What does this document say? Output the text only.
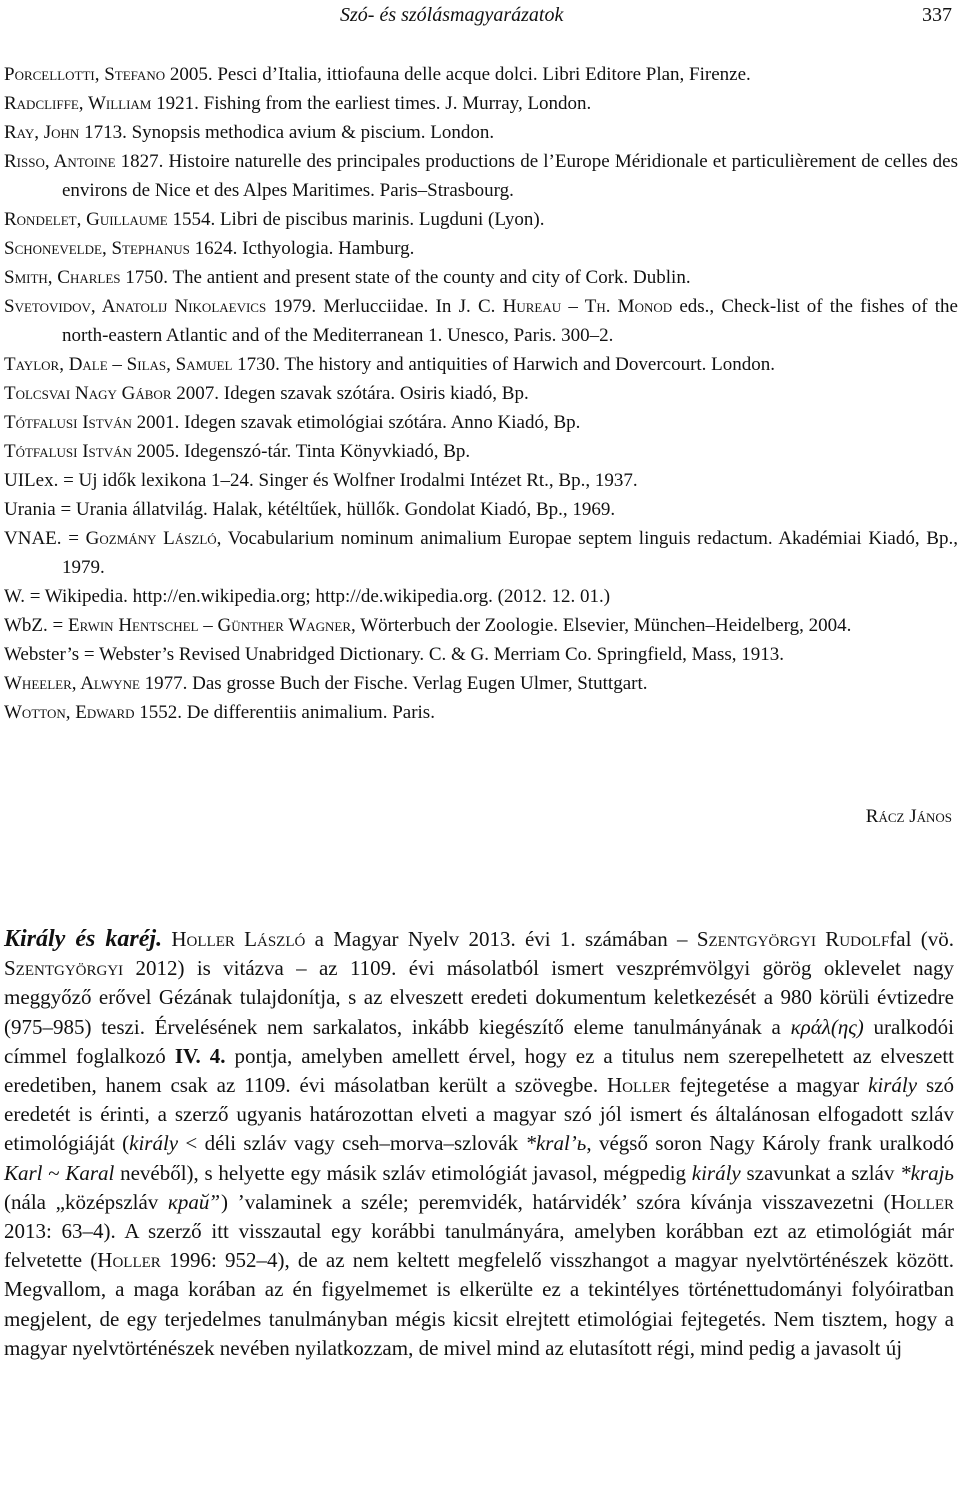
Szó- és szólásmagyarázatok	337
Porcellotti, Stefano 2005. Pesci d’Italia, ittiofauna delle acque dolci. Libri Editore Plan, Firenze.
Radcliffe, William 1921. Fishing from the earliest times. J. Murray, London.
Ray, John 1713. Synopsis methodica avium & piscium. London.
Risso, Antoine 1827. Histoire naturelle des principales productions de l’Europe Méridionale et particulièrement de celles des environs de Nice et des Alpes Maritimes. Paris–Strasbourg.
Rondelet, Guillaume 1554. Libri de piscibus marinis. Lugduni (Lyon).
Schonevelde, Stephanus 1624. Icthyologia. Hamburg.
Smith, Charles 1750. The antient and present state of the county and city of Cork. Dublin.
Svetovidov, Anatolij Nikolaevics 1979. Merlucciidae. In J. C. Hureau – Th. Monod eds., Check-list of the fishes of the north-eastern Atlantic and of the Mediterranean 1. Unesco, Paris. 300–2.
Taylor, Dale – Silas, Samuel 1730. The history and antiquities of Harwich and Dovercourt. London.
Tolcsvai Nagy Gábor 2007. Idegen szavak szótára. Osiris kiadó, Bp.
Tótfalusi István 2001. Idegen szavak etimológiai szótára. Anno Kiadó, Bp.
Tótfalusi István 2005. Idegenszó-tár. Tinta Könyvkiadó, Bp.
UILex. = Uj idők lexikona 1–24. Singer és Wolfner Irodalmi Intézet Rt., Bp., 1937.
Urania = Urania állatvilág. Halak, kétéltűek, hüllők. Gondolat Kiadó, Bp., 1969.
VNAE. = Gozmány László, Vocabularium nominum animalium Europae septem linguis redactum. Akadémiai Kiadó, Bp., 1979.
W. = Wikipedia. http://en.wikipedia.org; http://de.wikipedia.org. (2012. 12. 01.)
WbZ. = Erwin Hentschel – Günther Wagner, Wörterbuch der Zoologie. Elsevier, München–Heidelberg, 2004.
Webster’s = Webster’s Revised Unabridged Dictionary. C. & G. Merriam Co. Springfield, Mass, 1913.
Wheeler, Alwyne 1977. Das grosse Buch der Fische. Verlag Eugen Ulmer, Stuttgart.
Wotton, Edward 1552. De differentiis animalium. Paris.
Rácz János

Király és karéj. Holler László a Magyar Nyelv 2013. évi 1. számában – Szentgyörgyi Rudolffal (vö. Szentgyörgyi 2012) is vitázva – az 1109. évi másolatból ismert veszprémvölgyi görög oklevelet nagy meggyőző erővel Gézának tulajdonítja, s az elveszett eredeti dokumentum keletkezését a 980 körüli évtizedre (975–985) teszi. Érvelésének nem sarkalatos, inkább kiegészítő eleme tanulmányának a κράλ(ης) uralkodói címmel foglalkozó IV. 4. pontja, amelyben amellett érvel, hogy ez a titulus nem szerepelhetett az elveszett eredetiben, hanem csak az 1109. évi másolatban került a szövegbe. Holler fejtegetése a magyar király szó eredetét is érinti, a szerző ugyanis határozottan elveti a magyar szó jól ismert és általánosan elfogadott szláv etimológiáját (király < déli szláv vagy cseh–morva–szlovák *kral’ь, végső soron Nagy Károly frank uralkodó Karl ~ Karal nevéből), s helyette egy másik szláv etimológiát javasol, mégpedig király szavunkat a szláv *krajь (nála „középszláv крайˮ) ’valaminek a széle; peremvidék, határvidék’ szóra kívánja visszavezetni (Holler 2013: 63–4). A szerző itt visszautal egy korábbi tanulmányára, amelyben korábban ezt az etimológiát már felvetette (Holler 1996: 952–4), de az nem keltett megfelelő visszhangot a magyar nyelvtörténészek között. Megvallom, a maga korában az én figyelmemet is elkerülte ez a tekintélyes történettudományi folyóiratban megjelent, de egy terjedelmes tanulmányban mégis kicsit elrejtett etimológiai fejtegetés. Nem tisztem, hogy a magyar nyelvtörténészek nevében nyilatkozzam, de mivel mind az elutasított régi, mind pedig a javasolt új
